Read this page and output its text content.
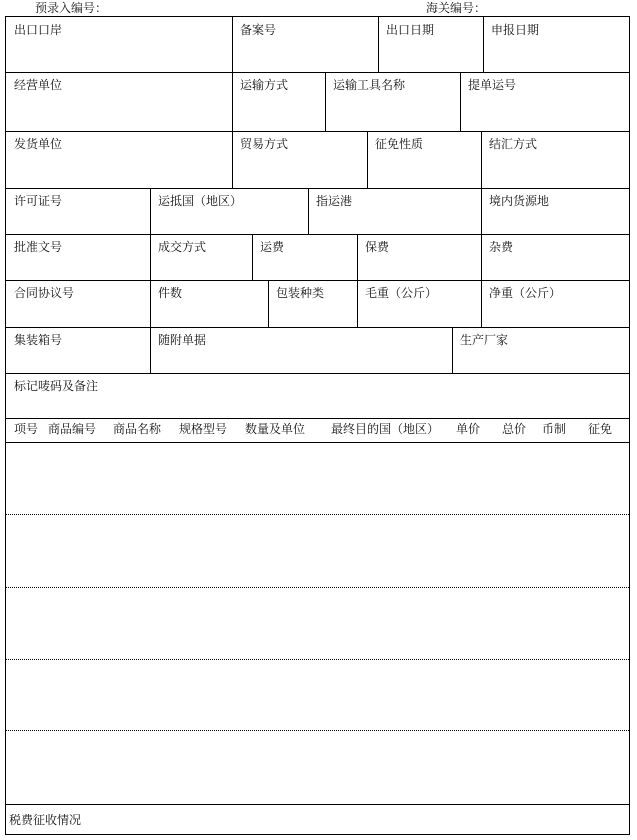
预录入编号：	海关编号：
出口口岸	备案号	出口日期	申报日期
经营单位	运输方式	运输工具名称	提单运号
发货单位	贸易方式	征免性质	结汇方式
许可证号	运抵国（地区）	指运港	境内货源地
批准文号	成交方式	运费	保费	杂费
合同协议号	件数	包装种类	毛重（公斤）	净重（公斤）
集装箱号	随附单据	生产厂家
标记唛码及备注
项号 商品编号 商品名称 规格型号 数量及单位 最终目的国（地区） 单价 总价 币制 征免
税费征收情况
